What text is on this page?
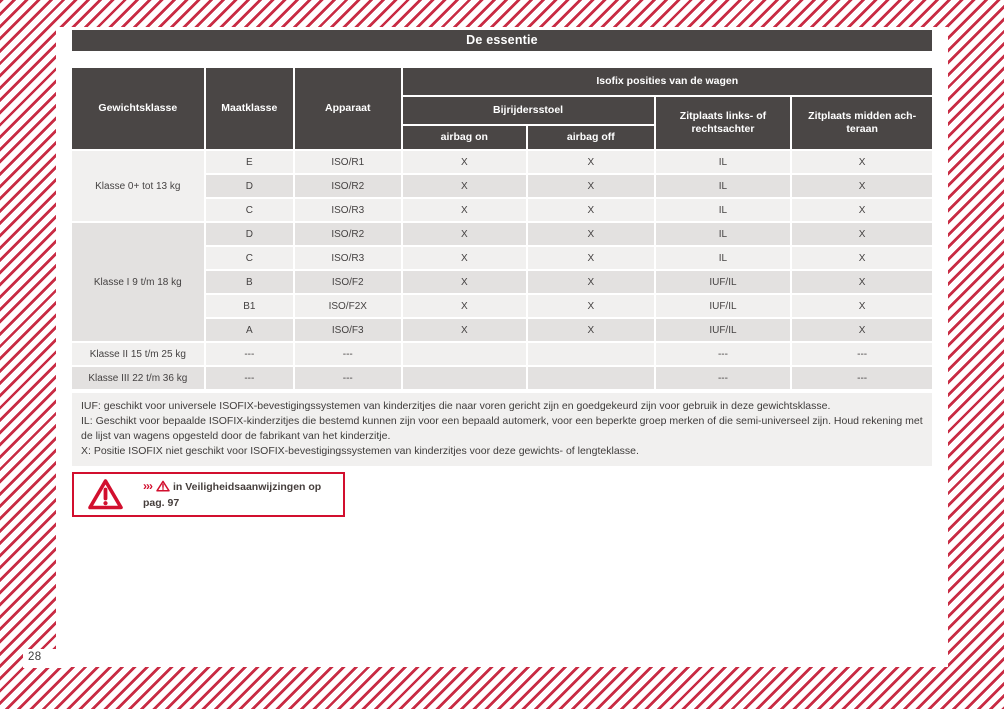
De essentie
Gewichtsklasse	Maatklasse	Apparaat	Isofix posities van de wagen			
			Bijrijdersstoel		Zitplaats links- of rechtsachter	Zitplaats midden achteraan
			airbag on	airbag off		
Klasse 0+ tot 13 kg	E	ISO/R1	X	X	IL	X
	D	ISO/R2	X	X	IL	X
	C	ISO/R3	X	X	IL	X
Klasse I 9 t/m 18 kg	D	ISO/R2	X	X	IL	X
	C	ISO/R3	X	X	IL	X
	B	ISO/F2	X	X	IUF/IL	X
	B1	ISO/F2X	X	X	IUF/IL	X
	A	ISO/F3	X	X	IUF/IL	X
Klasse II 15 t/m 25 kg	---	---			---	---
Klasse III 22 t/m 36 kg	---	---			---	---
IUF: geschikt voor universele ISOFIX-bevestigingssystemen van kinderzitjes die naar voren gericht zijn en goedgekeurd zijn voor gebruik in deze gewichtsklasse.
IL: Geschikt voor bepaalde ISOFIX-kinderzitjes die bestemd kunnen zijn voor een bepaald automerk, voor een beperkte groep merken of die semi-universeel zijn. Houd rekening met de lijst van wagens opgesteld door de fabrikant van het kinderzitje.
X: Positie ISOFIX niet geschikt voor ISOFIX-bevestigingssystemen van kinderzitjes voor deze gewichts- of lengteklasse.
››› in Veiligheidsaanwijzingen op pag. 97
28
